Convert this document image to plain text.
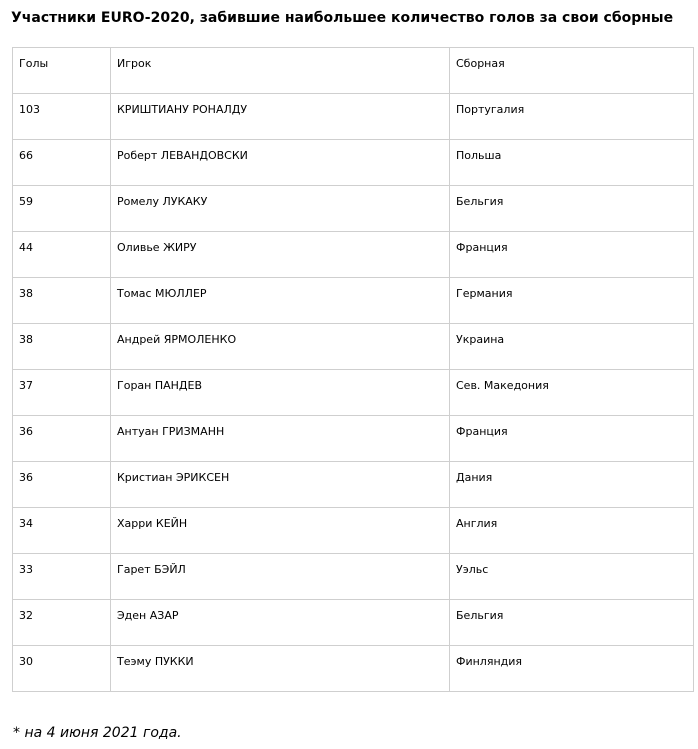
Участники EURO-2020, забившие наибольшее количество голов за свои сборные
Голы	Игрок	Сборная
103	КРИШТИАНУ РОНАЛДУ	Португалия
66	Роберт ЛЕВАНДОВСКИ	Польша
59	Ромелу ЛУКАКУ	Бельгия
44	Оливье ЖИРУ	Франция
38	Томас МЮЛЛЕР	Германия
38	Андрей ЯРМОЛЕНКО	Украина
37	Горан ПАНДЕВ	Сев. Македония
36	Антуан ГРИЗМАНН	Франция
36	Кристиан ЭРИКСЕН	Дания
34	Харри КЕЙН	Англия
33	Гарет БЭЙЛ	Уэльс
32	Эден АЗАР	Бельгия
30	Теэму ПУККИ	Финляндия
* на 4 июня 2021 года.
